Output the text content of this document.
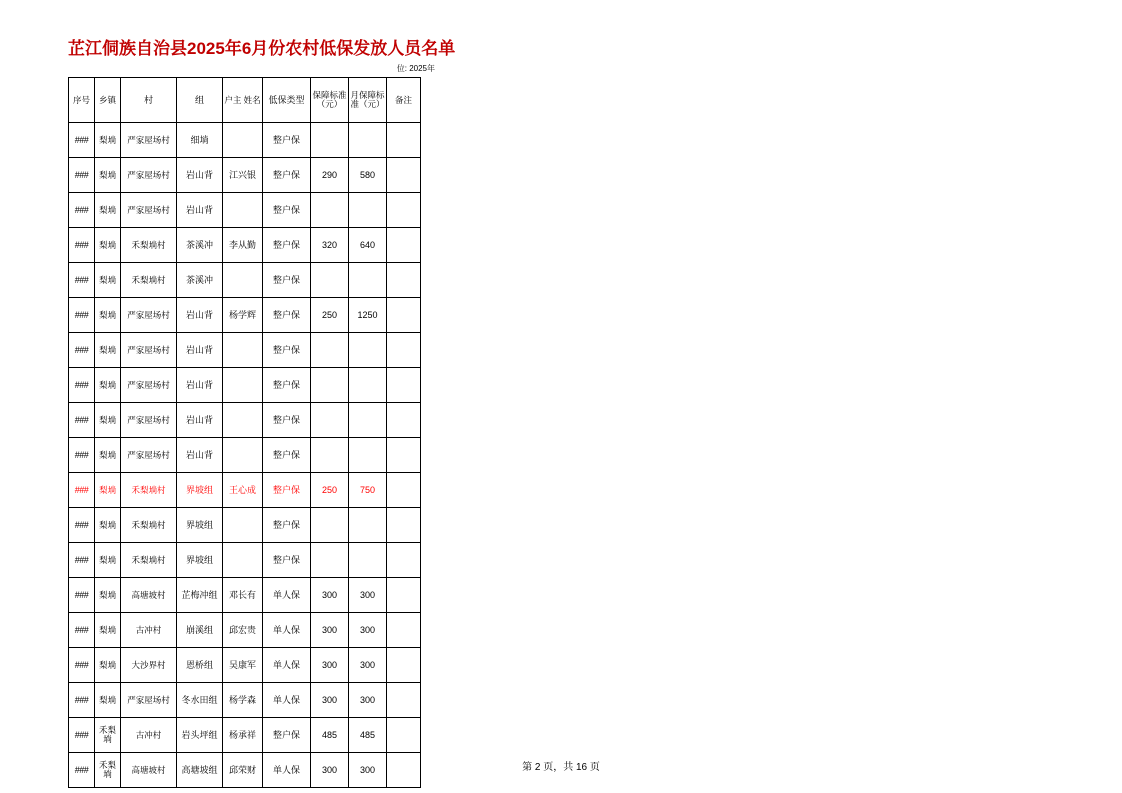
芷江侗族自治县2025年6月份农村低保发放人员名单
位: 2025年
序号	乡镇	村	组	户主 姓名	低保类型	保障标准（元）	月保障标准（元）	备注

###	梨埫	严家屋场村	细埫		整户保			
###	梨埫	严家屋场村	岩山背	江兴银	整户保	290	580	
###	梨埫	严家屋场村	岩山背		整户保			
###	梨埫	禾梨埫村	茶溪冲	李从勤	整户保	320	640	
###	梨埫	禾梨埫村	茶溪冲		整户保			
###	梨埫	严家屋场村	岩山背	杨学辉	整户保	250	1250	
###	梨埫	严家屋场村	岩山背		整户保			
###	梨埫	严家屋场村	岩山背		整户保			
###	梨埫	严家屋场村	岩山背		整户保			
###	梨埫	严家屋场村	岩山背		整户保			
###	梨埫	禾梨埫村	界坡组	王心成	整户保	250	750	
###	梨埫	禾梨埫村	界坡组		整户保			
###	梨埫	禾梨埫村	界坡组		整户保			
###	梨埫	高塘坡村	芷梅冲组	邓长有	单人保	300	300	
###	梨埫	古冲村	崩溪组	邱宏贵	单人保	300	300	
###	梨埫	大沙界村	恩桥组	吴康军	单人保	300	300	
###	梨埫	严家屋场村	冬水田组	杨学森	单人保	300	300	
###	禾梨埫	古冲村	岩头坪组	杨承祥	整户保	485	485	
###	禾梨埫	高塘坡村	高塘坡组	邱荣财	单人保	300	300		第 2 页，共 16 页
